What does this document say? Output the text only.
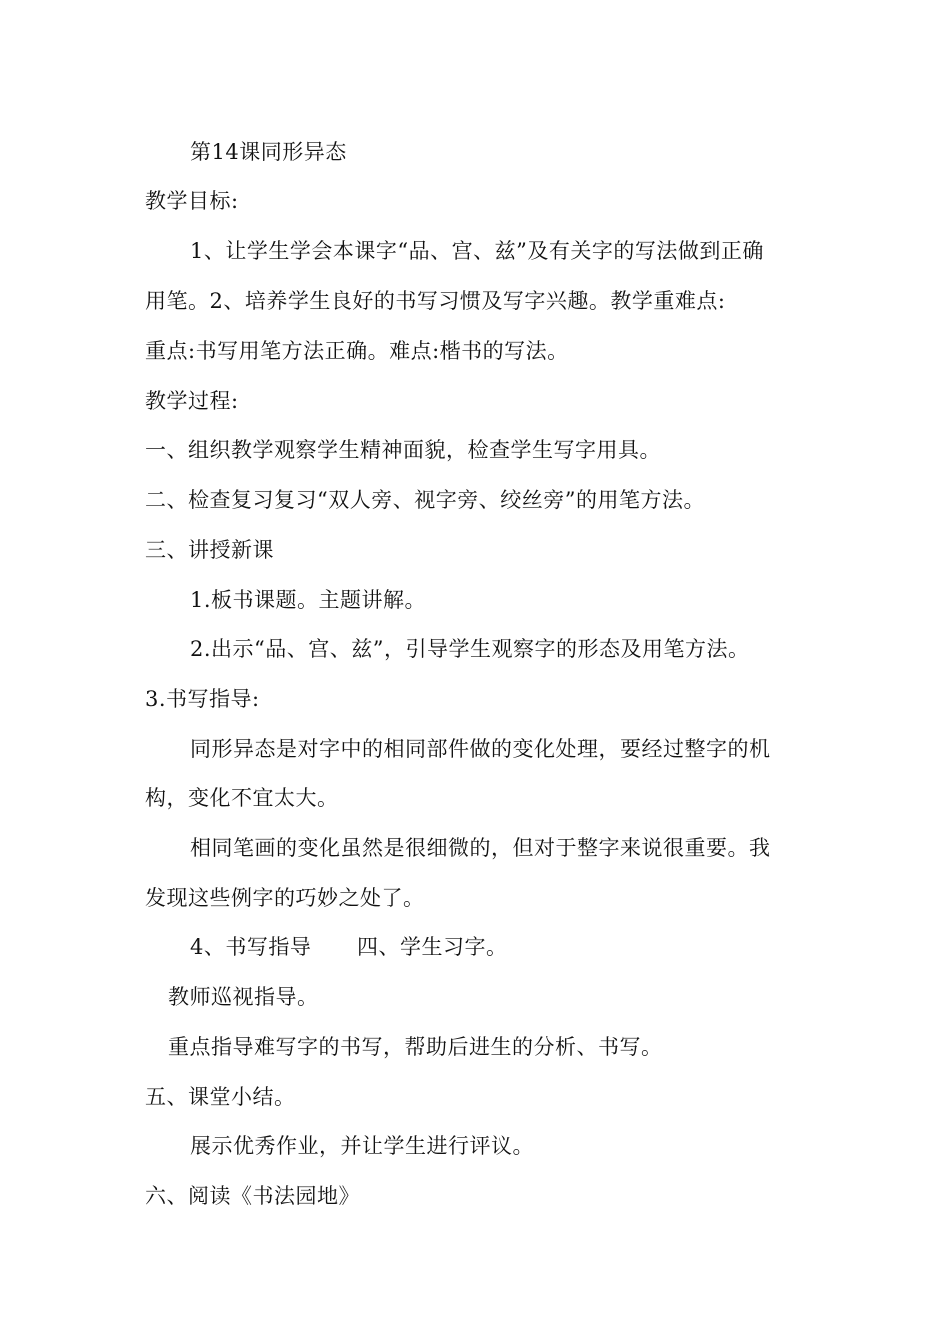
第14课同形异态
教学目标:
1、让学生学会本课字“品、宫、兹”及有关字的写法做到正确
用笔。2、培养学生良好的书写习惯及写字兴趣。教学重难点:
重点:书写用笔方法正确。难点:楷书的写法。
教学过程:
一、组织教学观察学生精神面貌，检查学生写字用具。
二、检查复习复习“双人旁、视字旁、绞丝旁”的用笔方法。
三、讲授新课
1.板书课题。主题讲解。
2.出示“品、宫、兹”，引导学生观察字的形态及用笔方法。
3.书写指导:
同形异态是对字中的相同部件做的变化处理，要经过整字的机
构，变化不宜太大。
相同笔画的变化虽然是很细微的，但对于整字来说很重要。我
发现这些例字的巧妙之处了。
4、书写指导 四、学生习字。
教师巡视指导。
重点指导难写字的书写，帮助后进生的分析、书写。
五、课堂小结。
展示优秀作业，并让学生进行评议。
六、阅读《书法园地》
